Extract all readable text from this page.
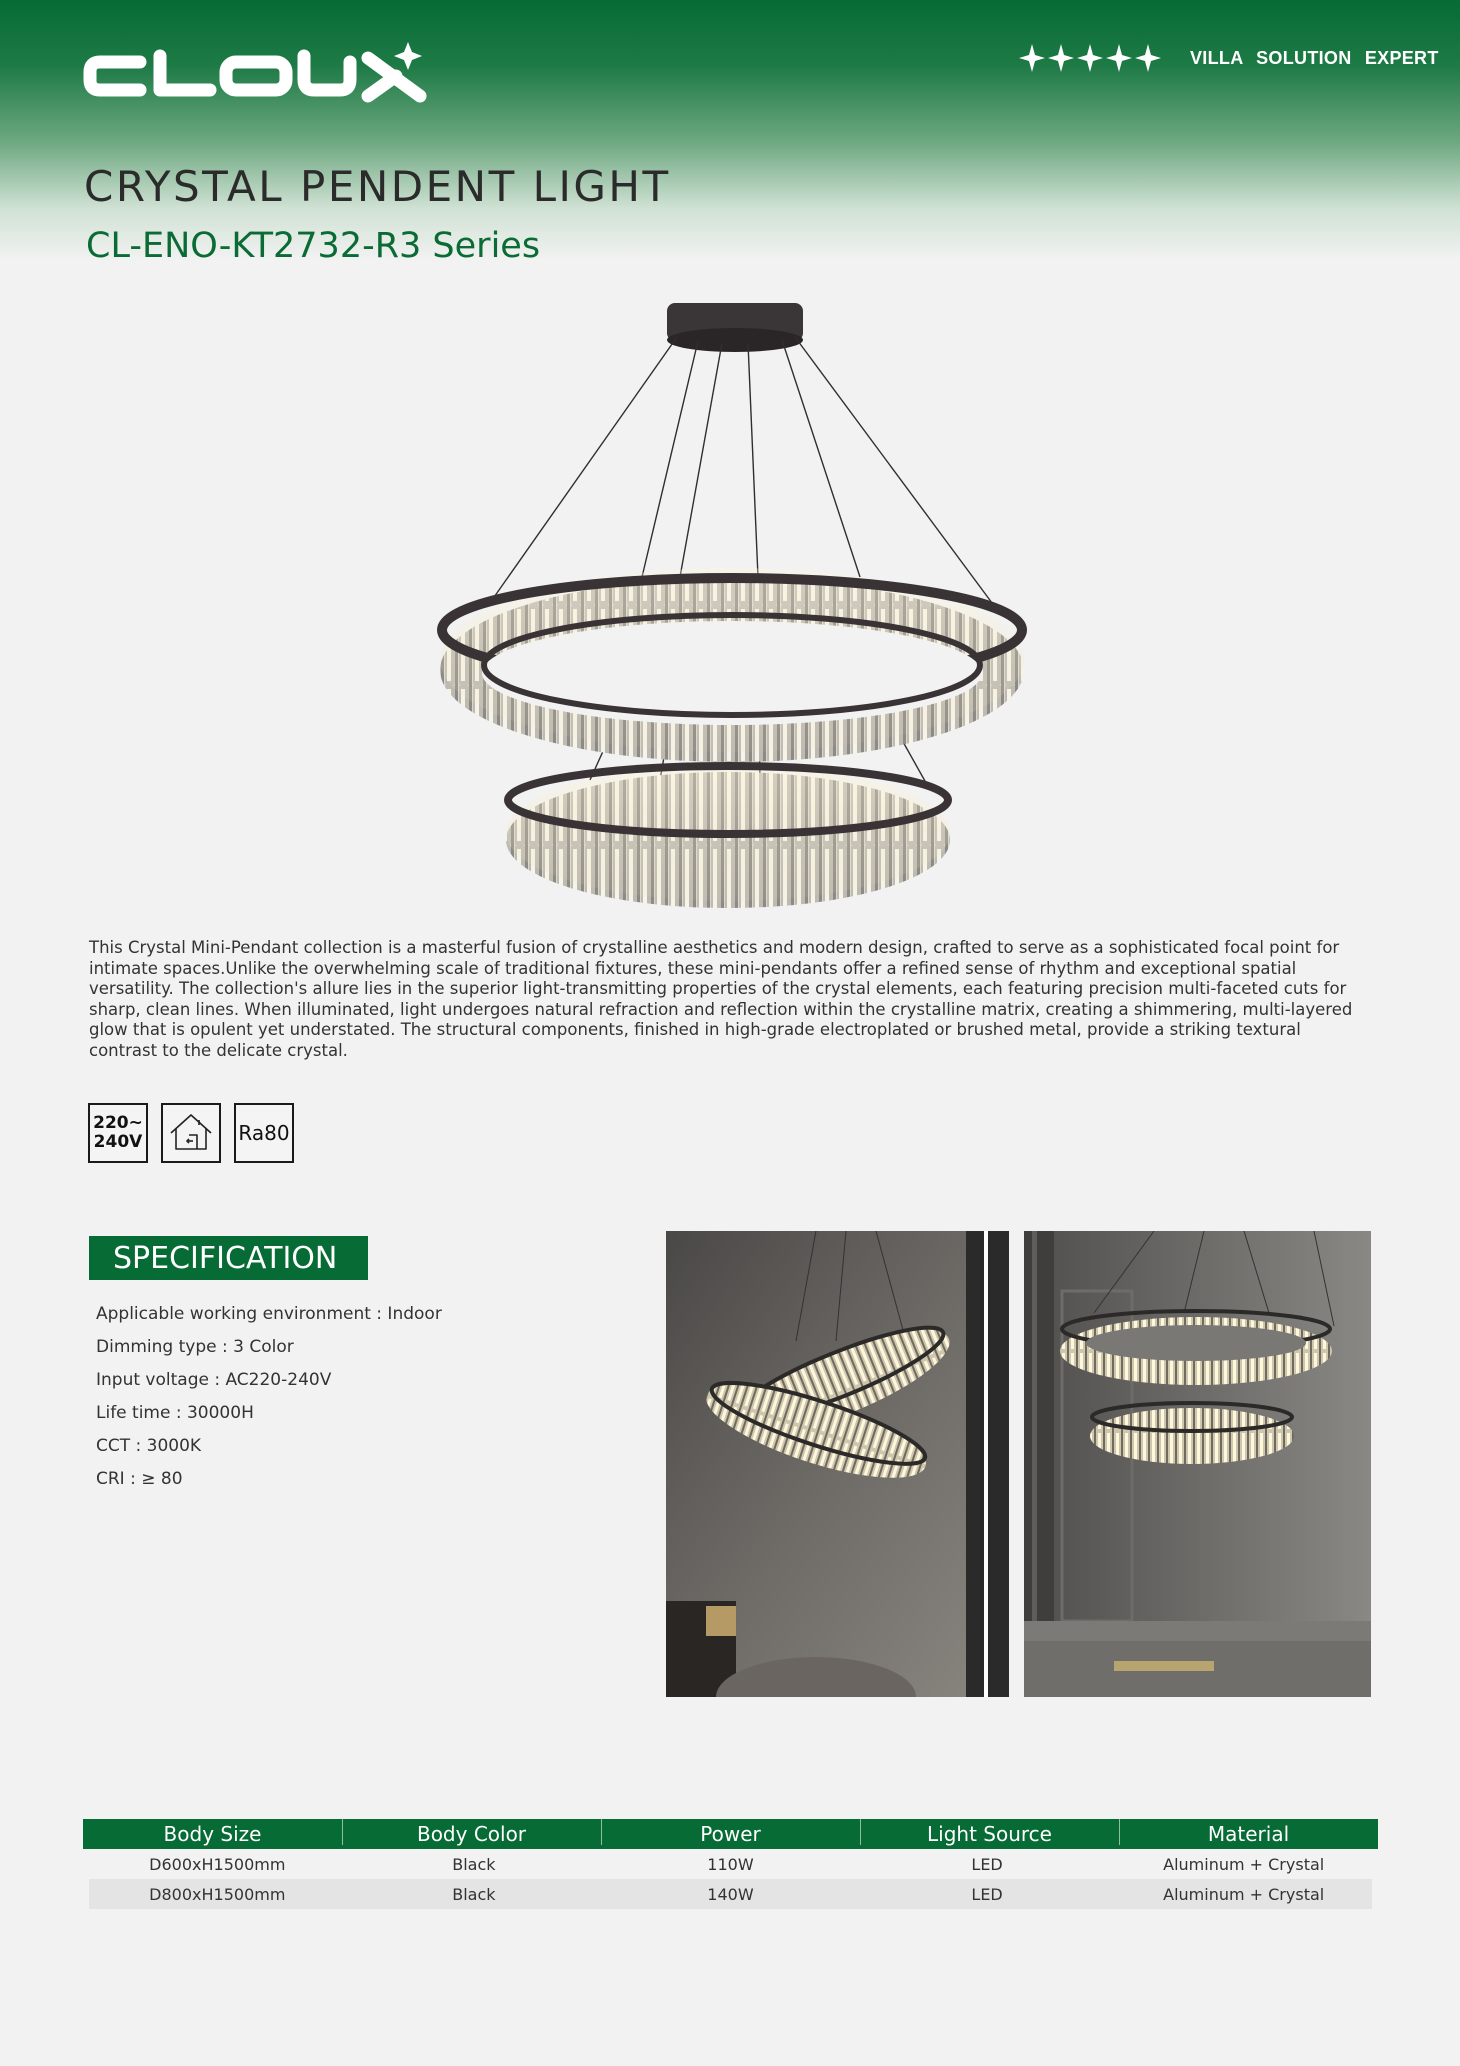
VILLA SOLUTION EXPERT
CRYSTAL PENDENT LIGHT
CL-ENO-KT2732-R3 Series
This Crystal Mini-Pendant collection is a masterful fusion of crystalline aesthetics and modern design, crafted to serve as a sophisticated focal point for intimate spaces.Unlike the overwhelming scale of traditional fixtures, these mini-pendants offer a refined sense of rhythm and exceptional spatial versatility. The collection's allure lies in the superior light-transmitting properties of the crystal elements, each featuring precision multi-faceted cuts for sharp, clean lines. When illuminated, light undergoes natural refraction and reflection within the crystalline matrix, creating a shimmering, multi-layered glow that is opulent yet understated. The structural components, finished in high-grade electroplated or brushed metal, provide a striking textural contrast to the delicate crystal.
220~
240V	Ra80
SPECIFICATION
Applicable working environment : Indoor
Dimming type : 3 Color
Input voltage : AC220-240V
Life time : 30000H
CCT : 3000K
CRI : ≥ 80
Body Size	Body Color	Power	Light Source	Material
D600xH1500mm	Black	110W	LED	Aluminum + Crystal
D800xH1500mm	Black	140W	LED	Aluminum + Crystal
